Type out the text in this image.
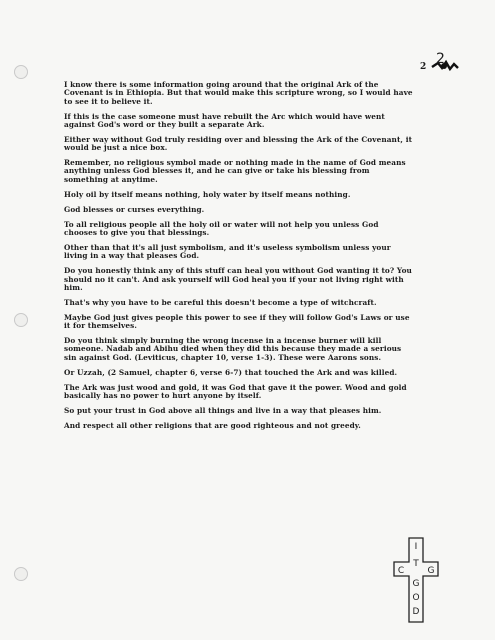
2 2

I know there is some information going around that the original Ark of the Covenant is in Ethiopia. But that would make this scripture wrong, so I would have to see it to believe it.

If this is the case someone must have rebuilt the Arc which would have went against God's word or they built a separate Ark.

Either way without God truly residing over and blessing the Ark of the Covenant, it would be just a nice box.

Remember, no religious symbol made or nothing made in the name of God means anything unless God blesses it, and he can give or take his blessing from something at anytime.

Holy oil by itself means nothing, holy water by itself means nothing.

God blesses or curses everything.

To all religious people all the holy oil or water will not help you unless God chooses to give you that blessings.

Other than that it's all just symbolism, and it's useless symbolism unless your living in a way that pleases God.

Do you honestly think any of this stuff can heal you without God wanting it to? You should no it can't. And ask yourself will God heal you if your not living right with him.

That's why you have to be careful this doesn't become a type of witchcraft.

Maybe God just gives people this power to see if they will follow God's Laws or use it for themselves.

Do you think simply burning the wrong incense in a incense burner will kill someone. Nadab and Abihu died when they did this because they made a serious sin against God. (Leviticus, chapter 10, verse 1-3). These were Aarons sons.

Or Uzzah, (2 Samuel, chapter 6, verse 6-7) that touched the Ark and was killed.

The Ark was just wood and gold, it was God that gave it the power. Wood and gold basically has no power to hurt anyone by itself.

So put your trust in God above all things and live in a way that pleases him.

And respect all other religions that are good righteous and not greedy.

I
T
G
O
D
C	G
